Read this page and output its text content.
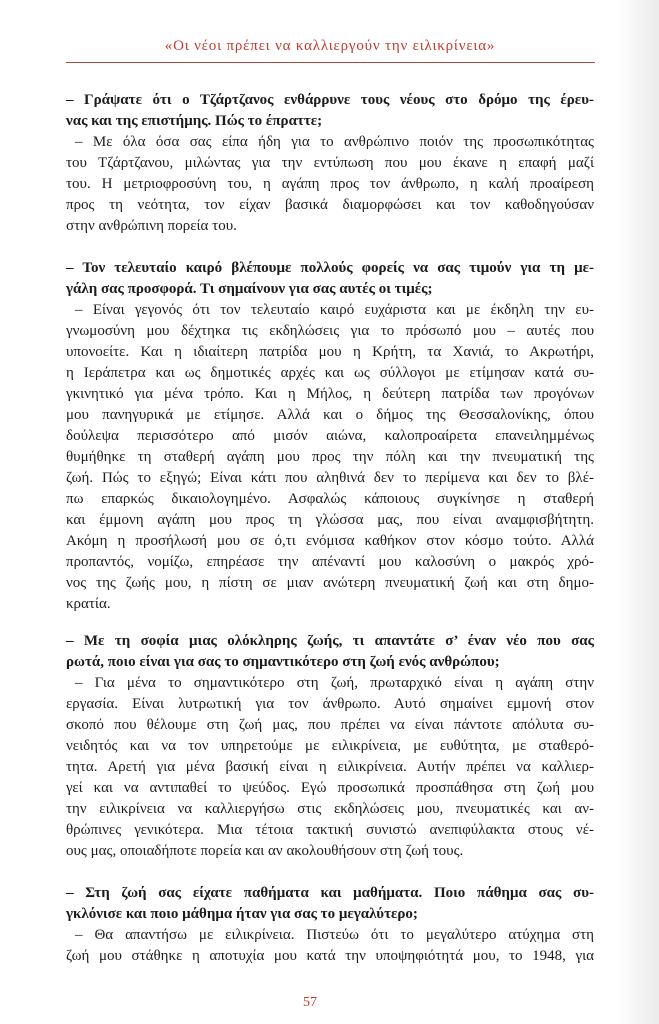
«Οι νέοι πρέπει να καλλιεργούν την ειλικρίνεια»
– Γράψατε ότι ο Τζάρτζανος ενθάρρυνε τους νέους στο δρόμο της έρευ-
νας και της επιστήμης. Πώς το έπραττε;
– Με όλα όσα σας είπα ήδη για το ανθρώπινο ποιόν της προσωπικότητας
του Τζάρτζανου, μιλώντας για την εντύπωση που μου έκανε η επαφή μαζί
του. Η μετριοφροσύνη του, η αγάπη προς τον άνθρωπο, η καλή προαίρεση
προς τη νεότητα, τον είχαν βασικά διαμορφώσει και τον καθοδηγούσαν
στην ανθρώπινη πορεία του.
– Τον τελευταίο καιρό βλέπουμε πολλούς φορείς να σας τιμούν για τη με-
γάλη σας προσφορά. Τι σημαίνουν για σας αυτές οι τιμές;
– Είναι γεγονός ότι τον τελευταίο καιρό ευχάριστα και με έκδηλη την ευ-
γνωμοσύνη μου δέχτηκα τις εκδηλώσεις για το πρόσωπό μου – αυτές που
υπονοείτε. Και η ιδιαίτερη πατρίδα μου η Κρήτη, τα Χανιά, το Ακρωτήρι,
η Ιεράπετρα και ως δημοτικές αρχές και ως σύλλογοι με ετίμησαν κατά συ-
γκινητικό για μένα τρόπο. Και η Μήλος, η δεύτερη πατρίδα των προγόνων
μου πανηγυρικά με ετίμησε. Αλλά και ο δήμος της Θεσσαλονίκης, όπου
δούλεψα περισσότερο από μισόν αιώνα, καλοπροαίρετα επανειλημμένως
θυμήθηκε τη σταθερή αγάπη μου προς την πόλη και την πνευματική της
ζωή. Πώς το εξηγώ; Είναι κάτι που αληθινά δεν το περίμενα και δεν το βλέ-
πω επαρκώς δικαιολογημένο. Ασφαλώς κάποιους συγκίνησε η σταθερή
και έμμονη αγάπη μου προς τη γλώσσα μας, που είναι αναμφισβήτητη.
Ακόμη η προσήλωσή μου σε ό,τι ενόμισα καθήκον στον κόσμο τούτο. Αλλά
προπαντός, νομίζω, επηρέασε την απέναντί μου καλοσύνη ο μακρός χρό-
νος της ζωής μου, η πίστη σε μιαν ανώτερη πνευματική ζωή και στη δημο-
κρατία.
– Με τη σοφία μιας ολόκληρης ζωής, τι απαντάτε σ’ έναν νέο που σας
ρωτά, ποιο είναι για σας το σημαντικότερο στη ζωή ενός ανθρώπου;
– Για μένα το σημαντικότερο στη ζωή, πρωταρχικό είναι η αγάπη στην
εργασία. Είναι λυτρωτική για τον άνθρωπο. Αυτό σημαίνει εμμονή στον
σκοπό που θέλουμε στη ζωή μας, που πρέπει να είναι πάντοτε απόλυτα συ-
νειδητός και να τον υπηρετούμε με ειλικρίνεια, με ευθύτητα, με σταθερό-
τητα. Αρετή για μένα βασική είναι η ειλικρίνεια. Αυτήν πρέπει να καλλιερ-
γεί και να αντιπαθεί το ψεύδος. Εγώ προσωπικά προσπάθησα στη ζωή μου
την ειλικρίνεια να καλλιεργήσω στις εκδηλώσεις μου, πνευματικές και αν-
θρώπινες γενικότερα. Μια τέτοια τακτική συνιστώ ανεπιφύλακτα στους νέ-
ους μας, οποιαδήποτε πορεία και αν ακολουθήσουν στη ζωή τους.
– Στη ζωή σας είχατε παθήματα και μαθήματα. Ποιο πάθημα σας συ-
γκλόνισε και ποιο μάθημα ήταν για σας το μεγαλύτερο;
– Θα απαντήσω με ειλικρίνεια. Πιστεύω ότι το μεγαλύτερο ατύχημα στη
ζωή μου στάθηκε η αποτυχία μου κατά την υποψηφιότητά μου, το 1948, για
57
